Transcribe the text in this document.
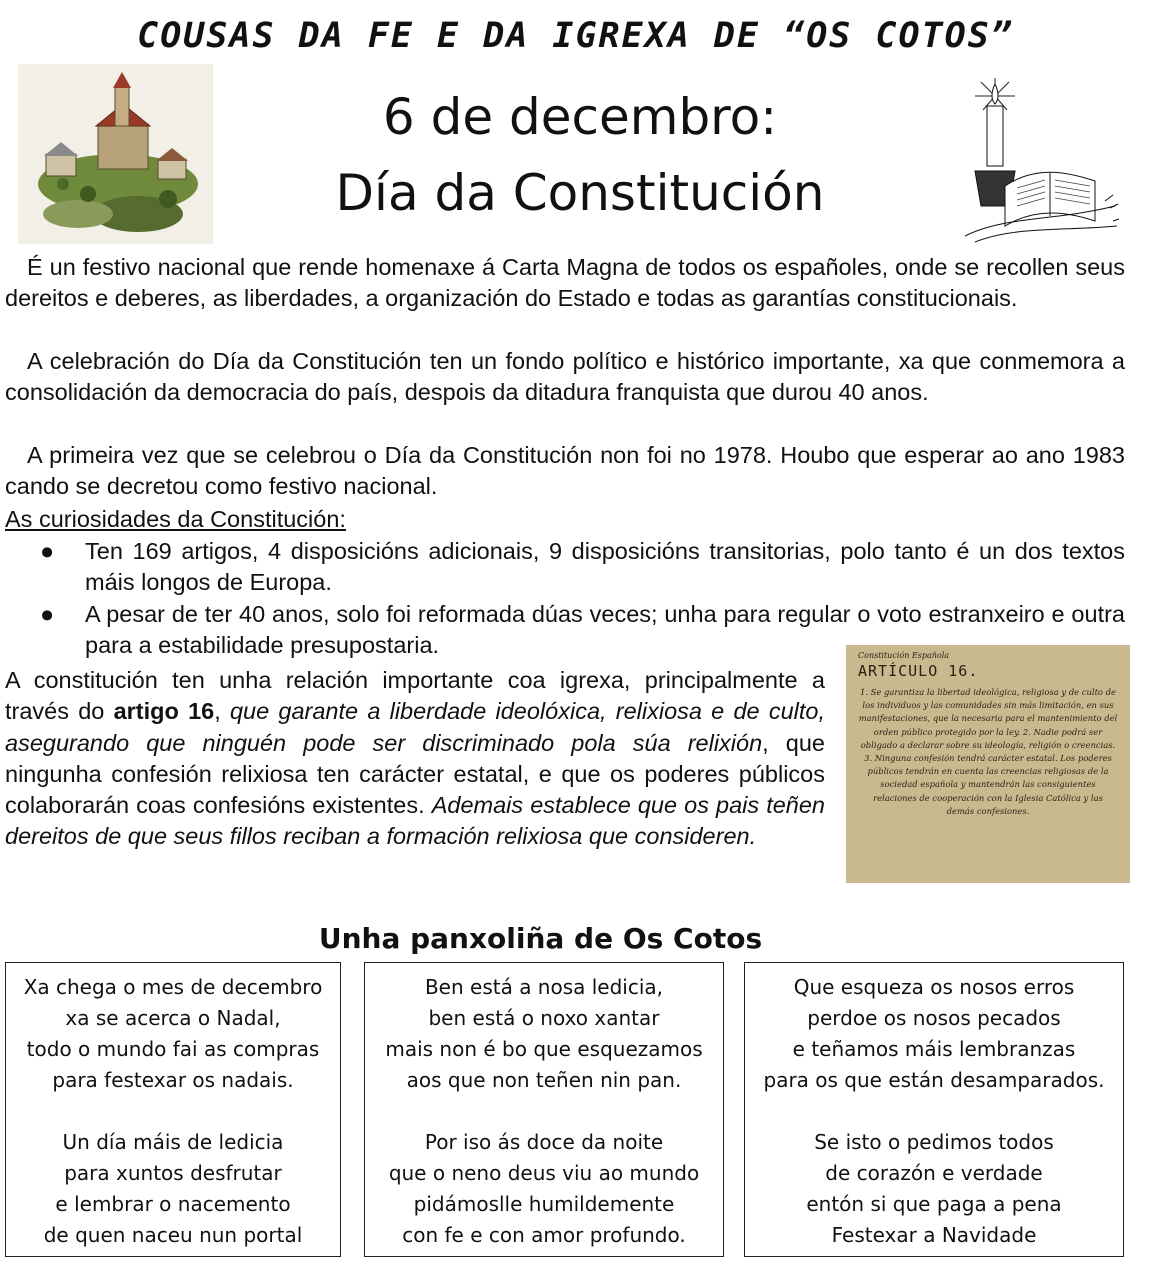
COUSAS DA FE E DA IGREXA DE “OS COTOS”
6 de decembro:
Día da Constitución
É un festivo nacional que rende homenaxe á Carta Magna de todos os españoles, onde se recollen seus dereitos e deberes, as liberdades, a organización do Estado e todas as garantías constitucionais.
A celebración do Día da Constitución ten un fondo político e histórico importante, xa que conmemora a consolidación da democracia do país, despois da ditadura franquista que durou 40 anos.
A primeira vez que se celebrou o Día da Constitución non foi no 1978. Houbo que esperar ao ano 1983 cando se decretou como festivo nacional.
As curiosidades da Constitución:
● Ten 169 artigos, 4 disposicións adicionais, 9 disposicións transitorias, polo tanto é un dos textos máis longos de Europa.
● A pesar de ter 40 anos, solo foi reformada dúas veces; unha para regular o voto estranxeiro e outra para a estabilidade presupostaria.
A constitución ten unha relación importante coa igrexa, principalmente a través do artigo 16, que garante a liberdade ideolóxica, relixiosa e de culto, asegurando que ninguén pode ser discriminado pola súa relixión, que ningunha confesión relixiosa ten carácter estatal, e que os poderes públicos colaborarán coas confesións existentes. Ademais establece que os pais teñen dereitos de que seus fillos reciban a formación relixiosa que consideren.
Constitución Española
ARTÍCULO 16.
1. Se garantiza la libertad ideológica, religiosa y de culto de los individuos y las comunidades sin más limitación, en sus manifestaciones, que la necesaria para el mantenimiento del orden público protegido por la ley. 2. Nadie podrá ser obligado a declarar sobre su ideología, religión o creencias. 3. Ninguna confesión tendrá carácter estatal. Los poderes públicos tendrán en cuenta las creencias religiosas de la sociedad española y mantendrán las consiguientes relaciones de cooperación con la Iglesia Católica y las demás confesiones.
Unha panxoliña de Os Cotos
Xa chega o mes de decembro
xa se acerca o Nadal,
todo o mundo fai as compras
para festexar os nadais.
Un día máis de ledicia
para xuntos desfrutar
e lembrar o nacemento
de quen naceu nun portal
Ben está a nosa ledicia,
ben está o noxo xantar
mais non é bo que esquezamos
aos que non teñen nin pan.
Por iso ás doce da noite
que o neno deus viu ao mundo
pidámoslle humildemente
con fe e con amor profundo.
Que esqueza os nosos erros
perdoe os nosos pecados
e teñamos máis lembranzas
para os que están desamparados.
Se isto o pedimos todos
de corazón e verdade
entón si que paga a pena
Festexar a Navidade
